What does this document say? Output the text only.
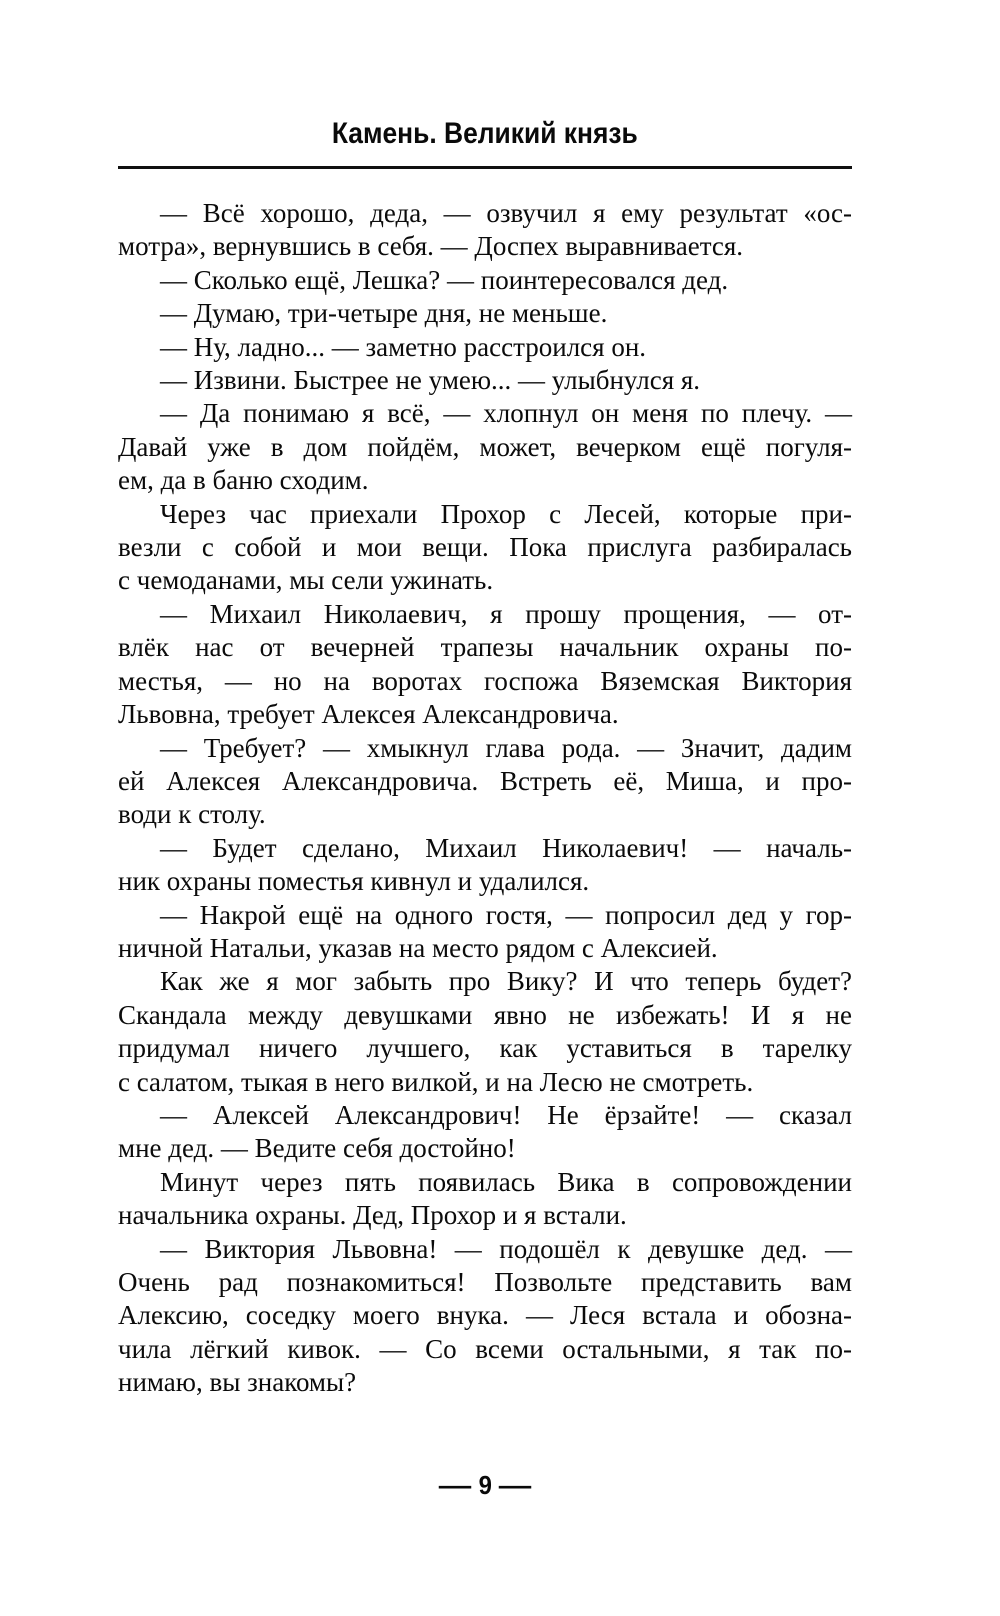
Камень. Великий князь
— Всё хорошо, деда, — озвучил я ему результат «ос-
мотра», вернувшись в себя. — Доспех выравнивается.
— Сколько ещё, Лешка? — поинтересовался дед.
— Думаю, три-четыре дня, не меньше.
— Ну, ладно... — заметно расстроился он.
— Извини. Быстрее не умею... — улыбнулся я.
— Да понимаю я всё, — хлопнул он меня по плечу. —
Давай уже в дом пойдём, может, вечерком ещё погуля-
ем, да в баню сходим.
Через час приехали Прохор с Лесей, которые при-
везли с собой и мои вещи. Пока прислуга разбиралась
с чемоданами, мы сели ужинать.
— Михаил Николаевич, я прошу прощения, — от-
влёк нас от вечерней трапезы начальник охраны по-
местья, — но на воротах госпожа Вяземская Виктория
Львовна, требует Алексея Александровича.
— Требует? — хмыкнул глава рода. — Значит, дадим
ей Алексея Александровича. Встреть её, Миша, и про-
води к столу.
— Будет сделано, Михаил Николаевич! — началь-
ник охраны поместья кивнул и удалился.
— Накрой ещё на одного гостя, — попросил дед у гор-
ничной Натальи, указав на место рядом с Алексией.
Как же я мог забыть про Вику? И что теперь будет?
Скандала между девушками явно не избежать! И я не
придумал ничего лучшего, как уставиться в тарелку
с салатом, тыкая в него вилкой, и на Лесю не смотреть.
— Алексей Александрович! Не ёрзайте! — сказал
мне дед. — Ведите себя достойно!
Минут через пять появилась Вика в сопровождении
начальника охраны. Дед, Прохор и я встали.
— Виктория Львовна! — подошёл к девушке дед. —
Очень рад познакомиться! Позвольте представить вам
Алексию, соседку моего внука. — Леся встала и обозна-
чила лёгкий кивок. — Со всеми остальными, я так по-
нимаю, вы знакомы?
— 9 —
